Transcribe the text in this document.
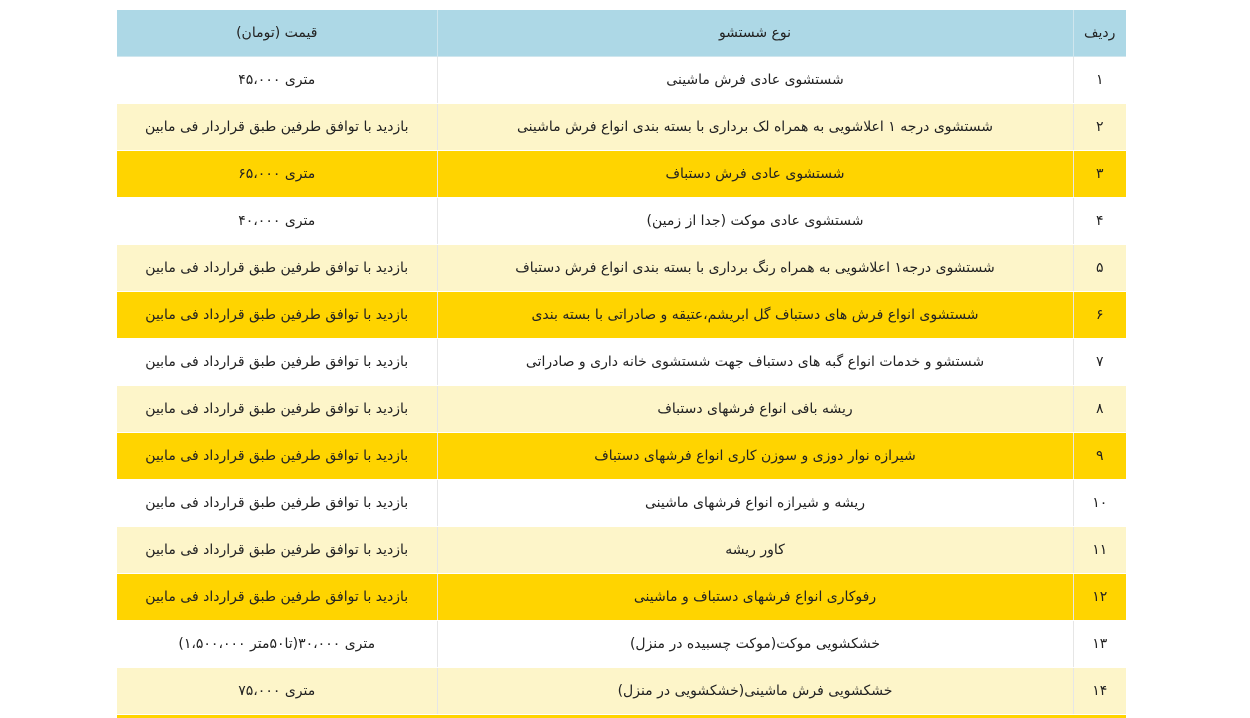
ردیف	نوع شستشو	قیمت (تومان)
۱	شستشوی عادی فرش ماشینی	متری ۴۵،۰۰۰
۲	شستشوی درجه ۱ اعلاشویی به همراه لک برداری با بسته بندی انواع فرش ماشینی	بازدید با توافق طرفین طبق قراردار فی مابین
۳	شستشوی عادی فرش دستباف	متری ۶۵،۰۰۰
۴	شستشوی عادی موکت (جدا از زمین)	متری ۴۰،۰۰۰
۵	شستشوی درجه۱ اعلاشویی به همراه رنگ برداری با بسته بندی انواع فرش دستباف	بازدید با توافق طرفین طبق قرارداد فی مابین
۶	شستشوی انواع فرش های دستباف گل ابریشم،عتیقه و صادراتی با بسته بندی	بازدید با توافق طرفین طبق قرارداد فی مابین
۷	شستشو و خدمات انواع گبه های دستباف جهت شستشوی خانه داری و صادراتی	بازدید با توافق طرفین طبق قرارداد فی مابین
۸	ریشه بافی انواع فرشهای دستباف	بازدید با توافق طرفین طبق قرارداد فی مابین
۹	شیرازه نوار دوزی و سوزن کاری انواع فرشهای دستباف	بازدید با توافق طرفین طبق قرارداد فی مابین
۱۰	ریشه و شیرازه انواع فرشهای ماشینی	بازدید با توافق طرفین طبق قرارداد فی مابین
۱۱	کاور ریشه	بازدید با توافق طرفین طبق قرارداد فی مابین
۱۲	رفوکاری انواع فرشهای دستباف و ماشینی	بازدید با توافق طرفین طبق قرارداد فی مابین
۱۳	خشکشویی موکت(موکت چسبیده در منزل)	متری ۳۰،۰۰۰(تا۵۰متر ۱،۵۰۰،۰۰۰)
۱۴	خشکشویی فرش ماشینی(خشکشویی در منزل)	متری ۷۵،۰۰۰
